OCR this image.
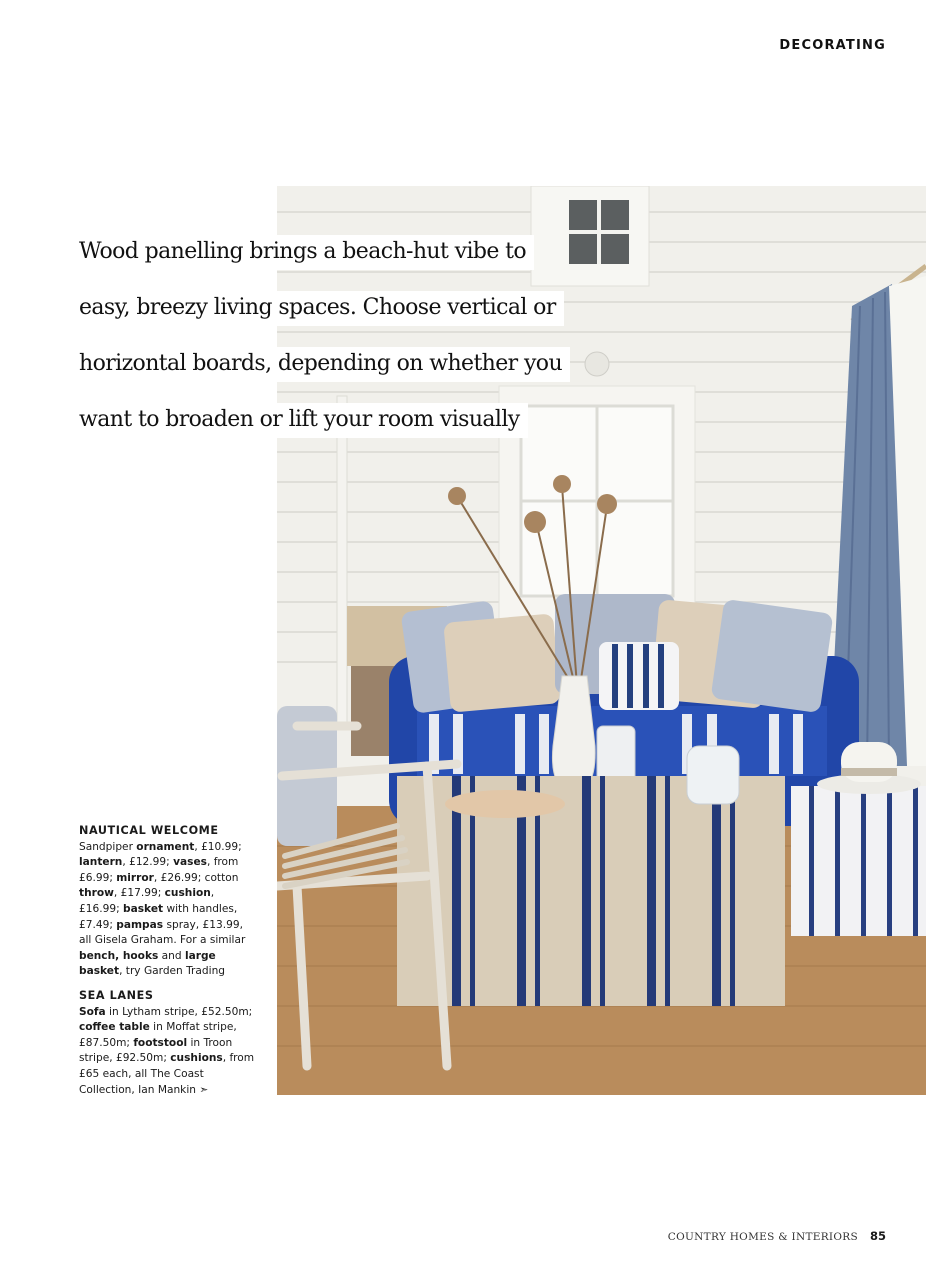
DECORATING

Wood panelling brings a beach-hut vibe to
easy, breezy living spaces. Choose vertical or
horizontal boards, depending on whether you
want to broaden or lift your room visually

NAUTICAL WELCOME
Sandpiper ornament, £10.99; lantern, £12.99; vases, from £6.99; mirror, £26.99; cotton throw, £17.99; cushion, £16.99; basket with handles, £7.49; pampas spray, £13.99, all Gisela Graham. For a similar bench, hooks and large basket, try Garden Trading
SEA LANES
Sofa in Lytham stripe, £52.50m; coffee table in Moffat stripe, £87.50m; footstool in Troon stripe, £92.50m; cushions, from £65 each, all The Coast Collection, Ian Mankin ➣
COUNTRY HOMES & INTERIORS 85
